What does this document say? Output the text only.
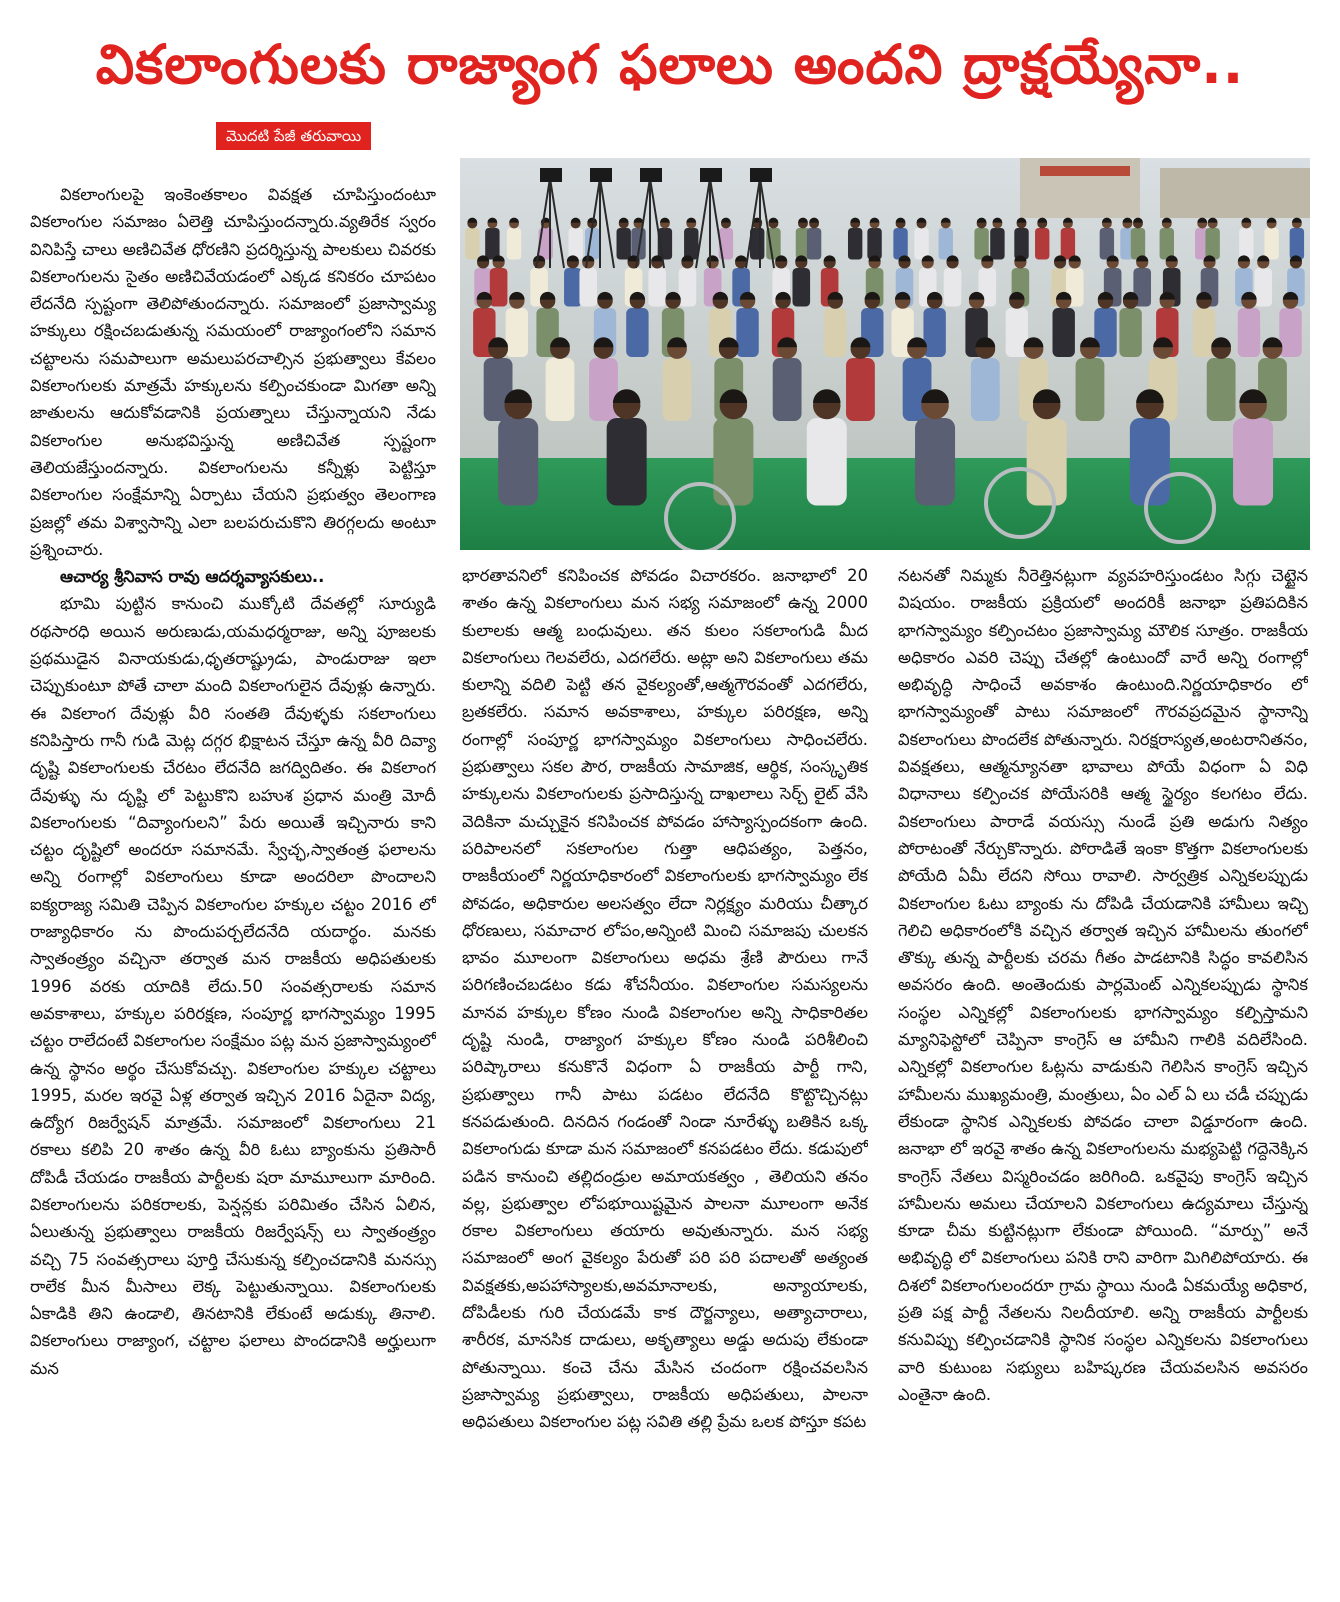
వికలాంగులకు రాజ్యాంగ ఫలాలు అందని ద్రాక్షయ్యేనా..
మొదటి పేజీ తరువాయి

వికలాంగులపై ఇంకెంతకాలం వివక్షత చూపిస్తుందంటూ వికలాంగుల సమాజం ఏలెత్తి చూపిస్తుందన్నారు.వ్యతిరేక స్వరం వినిపిస్తే చాలు అణిచివేత ధోరణిని ప్రదర్శిస్తున్న పాలకులు చివరకు వికలాంగులను సైతం అణిచివేయడంలో ఎక్కడ కనికరం చూపటం లేదనేది స్పష్టంగా తెలిపోతుందన్నారు. సమాజంలో ప్రజాస్వామ్య హక్కులు రక్షించబడుతున్న సమయంలో రాజ్యాంగంలోని సమాన చట్టాలను సమపాలుగా అమలుపరచాల్సిన ప్రభుత్వాలు కేవలం వికలాంగులకు మాత్రమే హక్కులను కల్పించకుండా మిగతా అన్ని జాతులను ఆదుకోవడానికి ప్రయత్నాలు చేస్తున్నాయని నేడు వికలాంగుల అనుభవిస్తున్న అణిచివేత స్పష్టంగా తెలియజేస్తుందన్నారు. వికలాంగులను కన్నీళ్లు పెట్టిస్తూ వికలాంగుల సంక్షేమాన్ని ఏర్పాటు చేయని ప్రభుత్వం తెలంగాణ ప్రజల్లో తమ విశ్వాసాన్ని ఎలా బలపరుచుకొని తిరగ్గలదు అంటూ ప్రశ్నించారు.

ఆచార్య శ్రీనివాస రావు ఆదర్శవ్యాసకులు..

భూమి పుట్టిన కానుంచి ముక్కోటి దేవతల్లో సూర్యుడి రథసారధి అయిన అరుణుడు,యమధర్మరాజు, అన్ని పూజలకు ప్రథముడైన వినాయకుడు,ధృతరాష్ట్రుడు, పాండురాజు ఇలా చెప్పుకుంటూ పోతే చాలా మంది వికలాంగులైన దేవుళ్లు ఉన్నారు. ఈ వికలాంగ దేవుళ్లు వీరి సంతతి దేవుళ్ళకు సకలాంగులు కనిపిస్తారు గానీ గుడి మెట్ల దగ్గర భిక్షాటన చేస్తూ ఉన్న వీరి దివ్యా దృష్టి వికలాంగులకు చేరటం లేదనేది జగద్విదితం. ఈ వికలాంగ దేవుళ్ళు ను దృష్టి లో పెట్టుకొని బహుశ ప్రధాన మంత్రి మోదీ వికలాంగులకు “దివ్యాంగులని” పేరు అయితే ఇచ్చినారు కాని చట్టం దృష్టిలో అందరూ సమానమే. స్వేచ్ఛ,స్వాతంత్ర ఫలాలను అన్ని రంగాల్లో వికలాంగులు కూడా అందరిలా పొందాలని ఐక్యరాజ్య సమితి చెప్పిన వికలాంగుల హక్కుల చట్టం 2016 లో రాజ్యాధికారం ను పొందుపర్చలేదనేది యదార్థం. మనకు స్వాతంత్ర్యం వచ్చినా తర్వాత మన రాజకీయ అధిపతులకు 1996 వరకు యాదికి లేదు.50 సంవత్సరాలకు సమాన అవకాశాలు, హక్కుల పరిరక్షణ, సంపూర్ణ భాగస్వామ్యం 1995 చట్టం రాలేదంటే వికలాంగుల సంక్షేమం పట్ల మన ప్రజాస్వామ్యంలో ఉన్న స్థానం అర్థం చేసుకోవచ్చు. వికలాంగుల హక్కుల చట్టాలు 1995, మరల ఇరవై ఏళ్ల తర్వాత ఇచ్చిన 2016 ఏదైనా విద్య, ఉద్యోగ రిజర్వేషన్ మాత్రమే. సమాజంలో వికలాంగులు 21 రకాలు కలిపి 20 శాతం ఉన్న వీరి ఓటు బ్యాంకును ప్రతిసారీ దోపిడీ చేయడం రాజకీయ పార్టీలకు షరా మామూలుగా మారింది. వికలాంగులను పరికరాలకు, పెన్షన్లకు పరిమితం చేసిన ఏలిన, ఏలుతున్న ప్రభుత్వాలు రాజకీయ రిజర్వేషన్స్ లు స్వాతంత్ర్యం వచ్చి 75 సంవత్సరాలు పూర్తి చేసుకున్న కల్పించడానికి మనస్సు రాలేక మీన మీసాలు లెక్క పెట్టుతున్నాయి. వికలాంగులకు ఏకాడికి తిని ఉండాలి, తినటానికి లేకుంటే అడుక్కు తినాలి. వికలాంగులు రాజ్యాంగ, చట్టాల ఫలాలు పొందడానికి అర్హులుగా మన

భారతావనిలో కనిపించక పోవడం విచారకరం. జనాభాలో 20 శాతం ఉన్న వికలాంగులు మన సభ్య సమాజంలో ఉన్న 2000 కులాలకు ఆత్మ బంధువులు. తన కులం సకలాంగుడి మీద వికలాంగులు గెలవలేరు, ఎదగలేరు. అట్లా అని వికలాంగులు తమ కులాన్ని వదిలి పెట్టి తన వైకల్యంతో,ఆత్మగౌరవంతో ఎదగలేరు, బ్రతకలేరు. సమాన అవకాశాలు, హక్కుల పరిరక్షణ, అన్ని రంగాల్లో సంపూర్ణ భాగస్వామ్యం వికలాంగులు సాధించలేరు. ప్రభుత్వాలు సకల పౌర, రాజకీయ సామాజిక, ఆర్థిక, సంస్కృతిక హక్కులను వికలాంగులకు ప్రసాదిస్తున్న దాఖలాలు సెర్చ్ లైట్ వేసి వెదికినా మచ్చుకైన కనిపించక పోవడం హాస్యాస్పందకంగా ఉంది. పరిపాలనలో సకలాంగుల గుత్తా ఆధిపత్యం, పెత్తనం, రాజకీయంలో నిర్ణయాధికారంలో వికలాంగులకు భాగస్వామ్యం లేక పోవడం, అధికారుల అలసత్వం లేదా నిర్లక్ష్యం మరియు చీత్కార ధోరణులు, సమాచార లోపం,అన్నింటి మించి సమాజపు చులకన భావం మూలంగా వికలాంగులు అధమ శ్రేణి పౌరులు గానే పరిగణించబడటం కడు శోచనీయం. వికలాంగుల సమస్యలను మానవ హక్కుల కోణం నుండి వికలాంగుల అన్ని సాధికారితల దృష్టి నుండి, రాజ్యాంగ హక్కుల కోణం నుండి పరిశీలించి పరిష్కారాలు కనుకొనే విధంగా ఏ రాజకీయ పార్టీ గాని, ప్రభుత్వాలు గానీ పాటు పడటం లేదనేది కొట్టొచ్చినట్లు కనపడుతుంది. దినదిన గండంతో నిండా నూరేళ్ళు బతికిన ఒక్క వికలాంగుడు కూడా మన సమాజంలో కనపడటం లేదు. కడుపులో పడిన కానుంచి తల్లిదండ్రుల అమాయకత్వం , తెలియని తనం వల్ల, ప్రభుత్వాల లోపభూయిష్టమైన పాలనా మూలంగా అనేక రకాల వికలాంగులు తయారు అవుతున్నారు. మన సభ్య సమాజంలో అంగ వైకల్యం పేరుతో పరి పరి పదాలతో అత్యంత వివక్షతకు,అపహాస్యాలకు,అవమానాలకు, అన్యాయాలకు, దోపిడీలకు గురి చేయడమే కాక దౌర్జన్యాలు, అత్యాచారాలు, శారీరక, మానసిక దాడులు, అకృత్యాలు అడ్డు అదుపు లేకుండా పోతున్నాయి. కంచె చేను మేసిన చందంగా రక్షించవలసిన ప్రజాస్వామ్య ప్రభుత్వాలు, రాజకీయ అధిపతులు, పాలనా అధిపతులు వికలాంగుల పట్ల సవితి తల్లి ప్రేమ ఒలక పోస్తూ కపట

నటనతో నిమ్మకు నీరెత్తినట్లుగా వ్యవహరిస్తుండటం సిగ్గు చెట్టైన విషయం. రాజకీయ ప్రక్రియలో అందరికీ జనాభా ప్రతిపదికిన భాగస్వామ్యం కల్పించటం ప్రజాస్వామ్య మౌలిక సూత్రం. రాజకీయ అధికారం ఎవరి చెప్పు చేతల్లో ఉంటుందో వారే అన్ని రంగాల్లో అభివృద్ధి సాధించే అవకాశం ఉంటుంది.నిర్ణయాధికారం లో భాగస్వామ్యంతో పాటు సమాజంలో గౌరవప్రదమైన స్థానాన్ని వికలాంగులు పొందలేక పోతున్నారు. నిరక్షరాస్యత,అంటరానితనం, వివక్షతలు, ఆత్మన్యూనతా భావాలు పోయే విధంగా ఏ విధి విధానాలు కల్పించక పోయేసరికి ఆత్మ స్థైర్యం కలగటం లేదు. వికలాంగులు పారాడే వయస్సు నుండే ప్రతి అడుగు నిత్యం పోరాటంతో నేర్చుకొన్నారు. పోరాడితే ఇంకా కొత్తగా వికలాంగులకు పోయేది ఏమీ లేదని సోయి రావాలి. సార్వత్రిక ఎన్నికలప్పుడు వికలాంగుల ఓటు బ్యాంకు ను దోపిడి చేయడానికి హామీలు ఇచ్చి గెలిచి అధికారంలోకి వచ్చిన తర్వాత ఇచ్చిన హామీలను తుంగలో తొక్కు తున్న పార్టీలకు చరమ గీతం పాడటానికి సిద్ధం కావలిసిన అవసరం ఉంది. అంతెందుకు పార్లమెంట్ ఎన్నికలప్పుడు స్థానిక సంస్థల ఎన్నికల్లో వికలాంగులకు భాగస్వామ్యం కల్పిస్తామని మ్యానిఫెస్టోలో చెప్పినా కాంగ్రెస్ ఆ హామీని గాలికి వదిలేసింది. ఎన్నికల్లో వికలాంగుల ఓట్లను వాడుకుని గెలిసిన కాంగ్రెస్ ఇచ్చిన హామీలను ముఖ్యమంత్రి, మంత్రులు, ఏం ఎల్ ఏ లు చడీ చప్పుడు లేకుండా స్థానిక ఎన్నికలకు పోవడం చాలా విడ్డూరంగా ఉంది. జనాభా లో ఇరవై శాతం ఉన్న వికలాంగులను మభ్యపెట్టి గద్దెనెక్కిన కాంగ్రెస్ నేతలు విస్మరించడం జరిగింది. ఒకవైపు కాంగ్రెస్ ఇచ్చిన హామీలను అమలు చేయాలని వికలాంగులు ఉద్యమాలు చేస్తున్న కూడా చీమ కుట్టినట్లుగా లేకుండా పోయింది. “మార్పు” అనే అభివృద్ధి లో వికలాంగులు పనికి రాని వారిగా మిగిలిపోయారు. ఈ దిశలో వికలాంగులందరూ గ్రామ స్థాయి నుండి ఏకమయ్యే అధికార, ప్రతి పక్ష పార్టీ నేతలను నిలదీయాలి. అన్ని రాజకీయ పార్టీలకు కనువిప్పు కల్పించడానికి స్థానిక సంస్థల ఎన్నికలను వికలాంగులు వారి కుటుంబ సభ్యులు బహిష్కరణ చేయవలసిన అవసరం ఎంతైనా ఉంది.
